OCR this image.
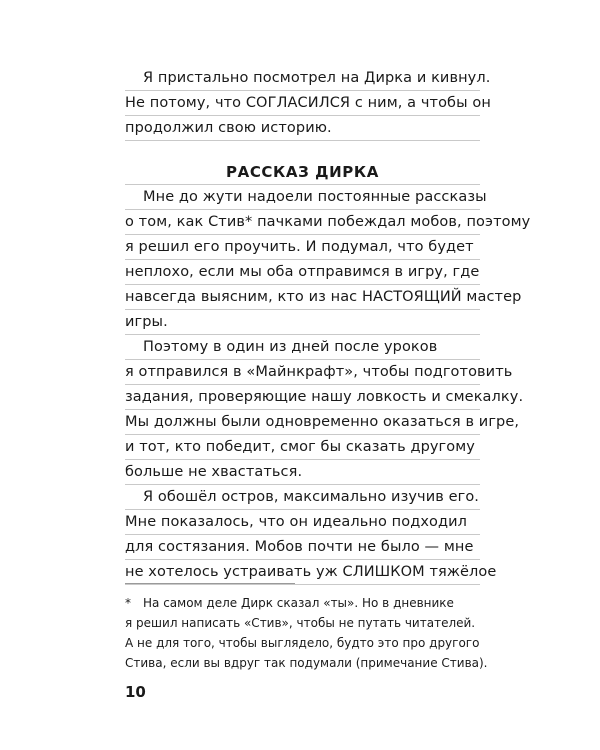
Я пристально посмотрел на Дирка и кивнул.
Не потому, что СОГЛАСИЛСЯ с ним, а чтобы он
продолжил свою историю.
РАССКАЗ ДИРКА
Мне до жути надоели постоянные рассказы
о том, как Стив* пачками побеждал мобов, поэтому
я решил его проучить. И подумал, что будет
неплохо, если мы оба отправимся в игру, где
навсегда выясним, кто из нас НАСТОЯЩИЙ мастер
игры.
Поэтому в один из дней после уроков
я отправился в «Майнкрафт», чтобы подготовить
задания, проверяющие нашу ловкость и смекалку.
Мы должны были одновременно оказаться в игре,
и тот, кто победит, смог бы сказать другому
больше не хвастаться.
Я обошёл остров, максимально изучив его.
Мне показалось, что он идеально подходил
для состязания. Мобов почти не было — мне
не хотелось устраивать уж СЛИШКОМ тяжёлое
* На самом деле Дирк сказал «ты». Но в дневнике
я решил написать «Стив», чтобы не путать читателей.
А не для того, чтобы выглядело, будто это про другого
Стива, если вы вдруг так подумали (примечание Стива).
10
